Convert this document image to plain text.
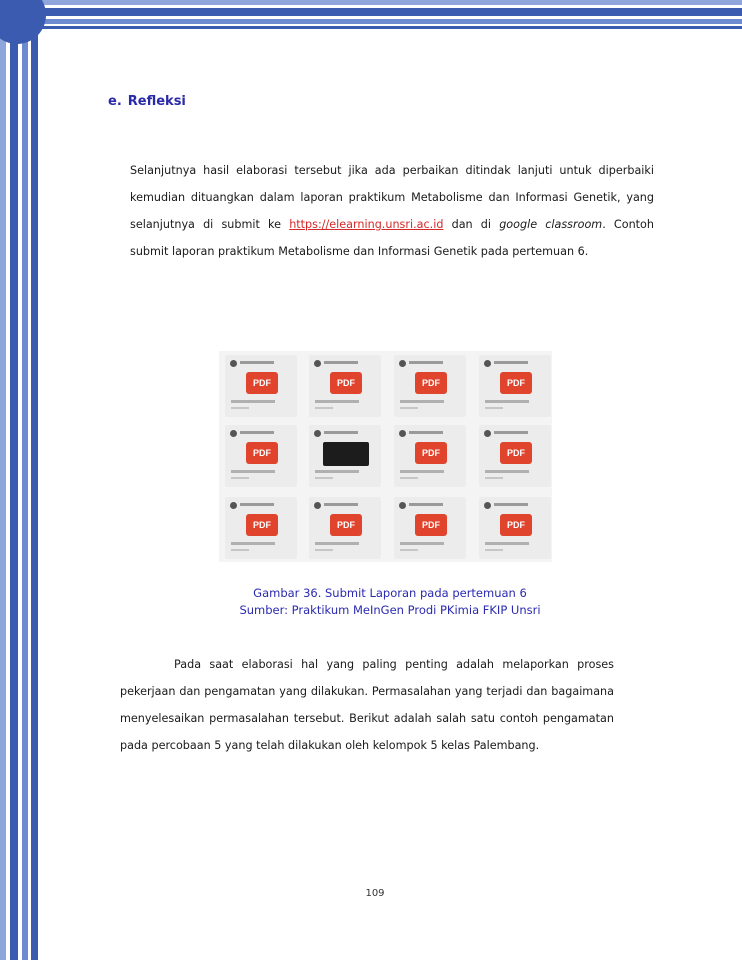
e. Refleksi
Selanjutnya hasil elaborasi tersebut jika ada perbaikan ditindak lanjuti untuk diperbaiki kemudian dituangkan dalam laporan praktikum Metabolisme dan Informasi Genetik, yang selanjutnya di submit ke https://elearning.unsri.ac.id dan di google classroom. Contoh submit laporan praktikum Metabolisme dan Informasi Genetik pada pertemuan 6.
PDF	PDF	PDF	PDF
PDF	PDF	PDF
PDF	PDF	PDF	PDF
Gambar 36. Submit Laporan pada pertemuan 6
Sumber: Praktikum MeInGen Prodi PKimia FKIP Unsri
Pada saat elaborasi hal yang paling penting adalah melaporkan proses pekerjaan dan pengamatan yang dilakukan. Permasalahan yang terjadi dan bagaimana menyelesaikan permasalahan tersebut. Berikut adalah salah satu contoh pengamatan pada percobaan 5 yang telah dilakukan oleh kelompok 5 kelas Palembang.
109
